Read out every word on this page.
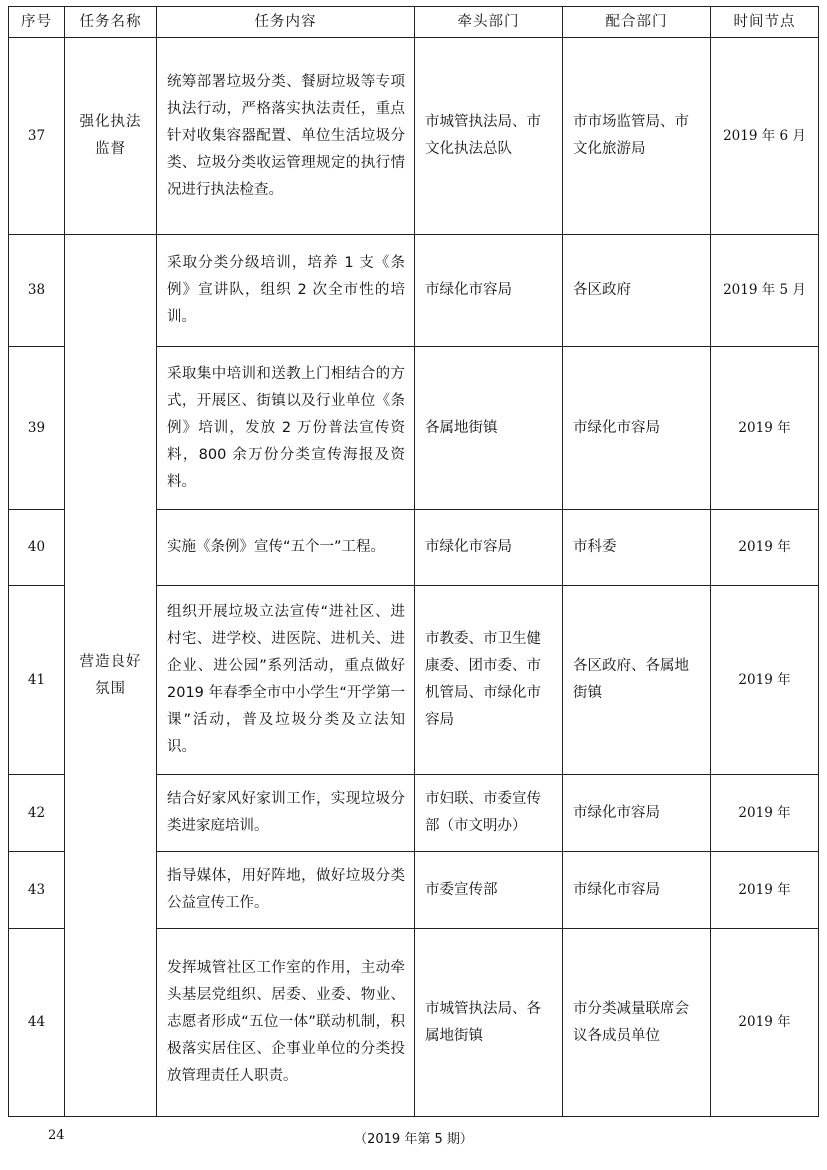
序号	任务名称	任务内容	牵头部门	配合部门	时间节点
37	强化执法监督	统筹部署垃圾分类、餐厨垃圾等专项执法行动，严格落实执法责任，重点针对收集容器配置、单位生活垃圾分类、垃圾分类收运管理规定的执行情况进行执法检查。	市城管执法局、市文化执法总队	市市场监管局、市文化旅游局	2019 年 6 月
38	营造良好氛围	采取分类分级培训，培养 1 支《条例》宣讲队，组织 2 次全市性的培训。	市绿化市容局	各区政府	2019 年 5 月
39		采取集中培训和送教上门相结合的方式，开展区、街镇以及行业单位《条例》培训，发放 2 万份普法宣传资料，800 余万份分类宣传海报及资料。	各属地街镇	市绿化市容局	2019 年
40		实施《条例》宣传“五个一”工程。	市绿化市容局	市科委	2019 年
41		组织开展垃圾立法宣传“进社区、进村宅、进学校、进医院、进机关、进企业、进公园”系列活动，重点做好 2019 年春季全市中小学生“开学第一课”活动，普及垃圾分类及立法知识。	市教委、市卫生健康委、团市委、市机管局、市绿化市容局	各区政府、各属地街镇	2019 年
42		结合好家风好家训工作，实现垃圾分类进家庭培训。	市妇联、市委宣传部（市文明办）	市绿化市容局	2019 年
43		指导媒体，用好阵地，做好垃圾分类公益宣传工作。	市委宣传部	市绿化市容局	2019 年
44		发挥城管社区工作室的作用，主动牵头基层党组织、居委、业委、物业、志愿者形成“五位一体”联动机制，积极落实居住区、企事业单位的分类投放管理责任人职责。	市城管执法局、各属地街镇	市分类减量联席会议各成员单位	2019 年
24	（2019 年第 5 期）
